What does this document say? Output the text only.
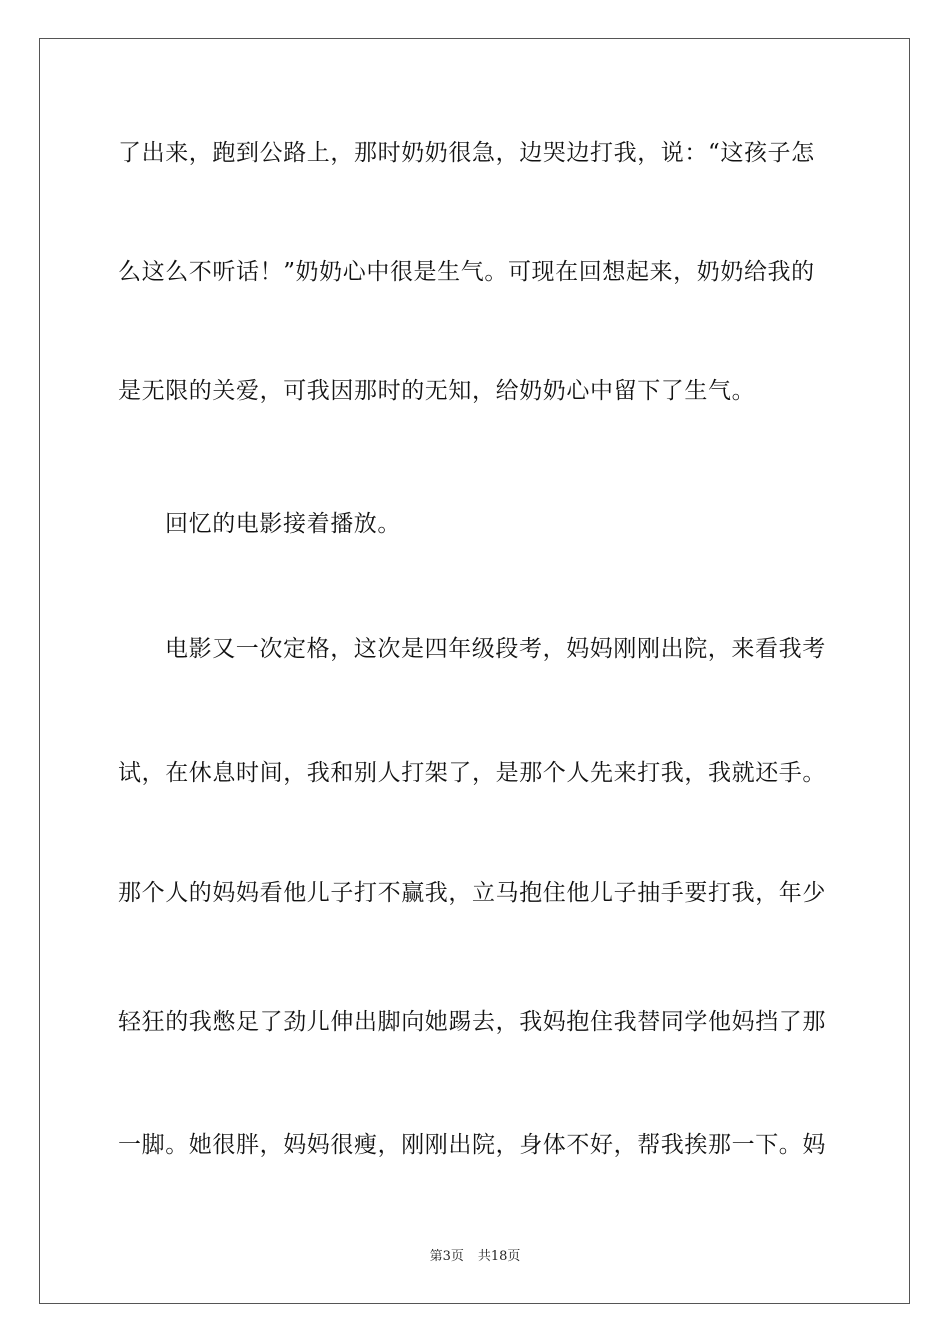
了出来，跑到公路上，那时奶奶很急，边哭边打我，说：“这孩子怎
么这么不听话！”奶奶心中很是生气。可现在回想起来，奶奶给我的
是无限的关爱，可我因那时的无知，给奶奶心中留下了生气。
回忆的电影接着播放。
电影又一次定格，这次是四年级段考，妈妈刚刚出院，来看我考
试，在休息时间，我和别人打架了，是那个人先来打我，我就还手。
那个人的妈妈看他儿子打不赢我，立马抱住他儿子抽手要打我，年少
轻狂的我憋足了劲儿伸出脚向她踢去，我妈抱住我替同学他妈挡了那
一脚。她很胖，妈妈很瘦，刚刚出院，身体不好，帮我挨那一下。妈
第3页 共18页
